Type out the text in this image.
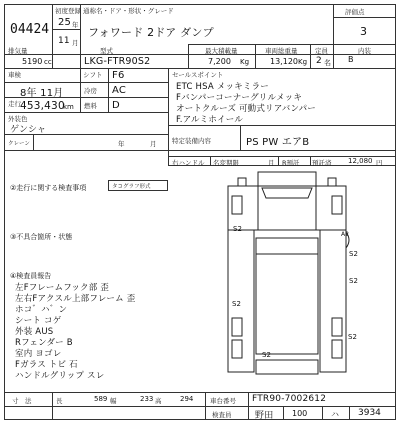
04424
初度登録
25 年
11 月
通称名・ドア・形状・グレード
フォワード 2ドア ダンプ
評価点
3
内装
B
排気量	型式	最大積載量	車両総重量	定員
5190 cc	LKG-FTR90S2	7,200 Kg	13,120 Kg 2 名
車検
8年 11月
シフト F6
冷房 AC
走行 453,430
km 燃料 D
外装色
ゲンシャ
クレーン	年	月
セールスポイント
ETC HSA メッキミラー
Fバンパーコーナーグリルメッキ
オートクルーズ 可動式リアバンパー
F.アルミホイール
特定装備内容	PS PW エアB
右ハンドル 名変期限	月 R預託 預託済 12,080 円
②走行に関する検査事項	タコグラフ形式
③不具合箇所・状態
④検査員報告
左Fフレームフック部 歪
左右Fアクスル上部フレーム 歪
ホコ゛ハ゛ン
シート コゲ
外装 AUS
Rフェンダー B
室内 ヨゴレ
Fガラス トビ 石
ハンドルグリップ スレ
A2
S2
S2
S2
S2
S2
S2
寸　法	長	589 幅	233 高	294	車台番号 FTR90-7002612
検査員	野田 100	ハ 3934
